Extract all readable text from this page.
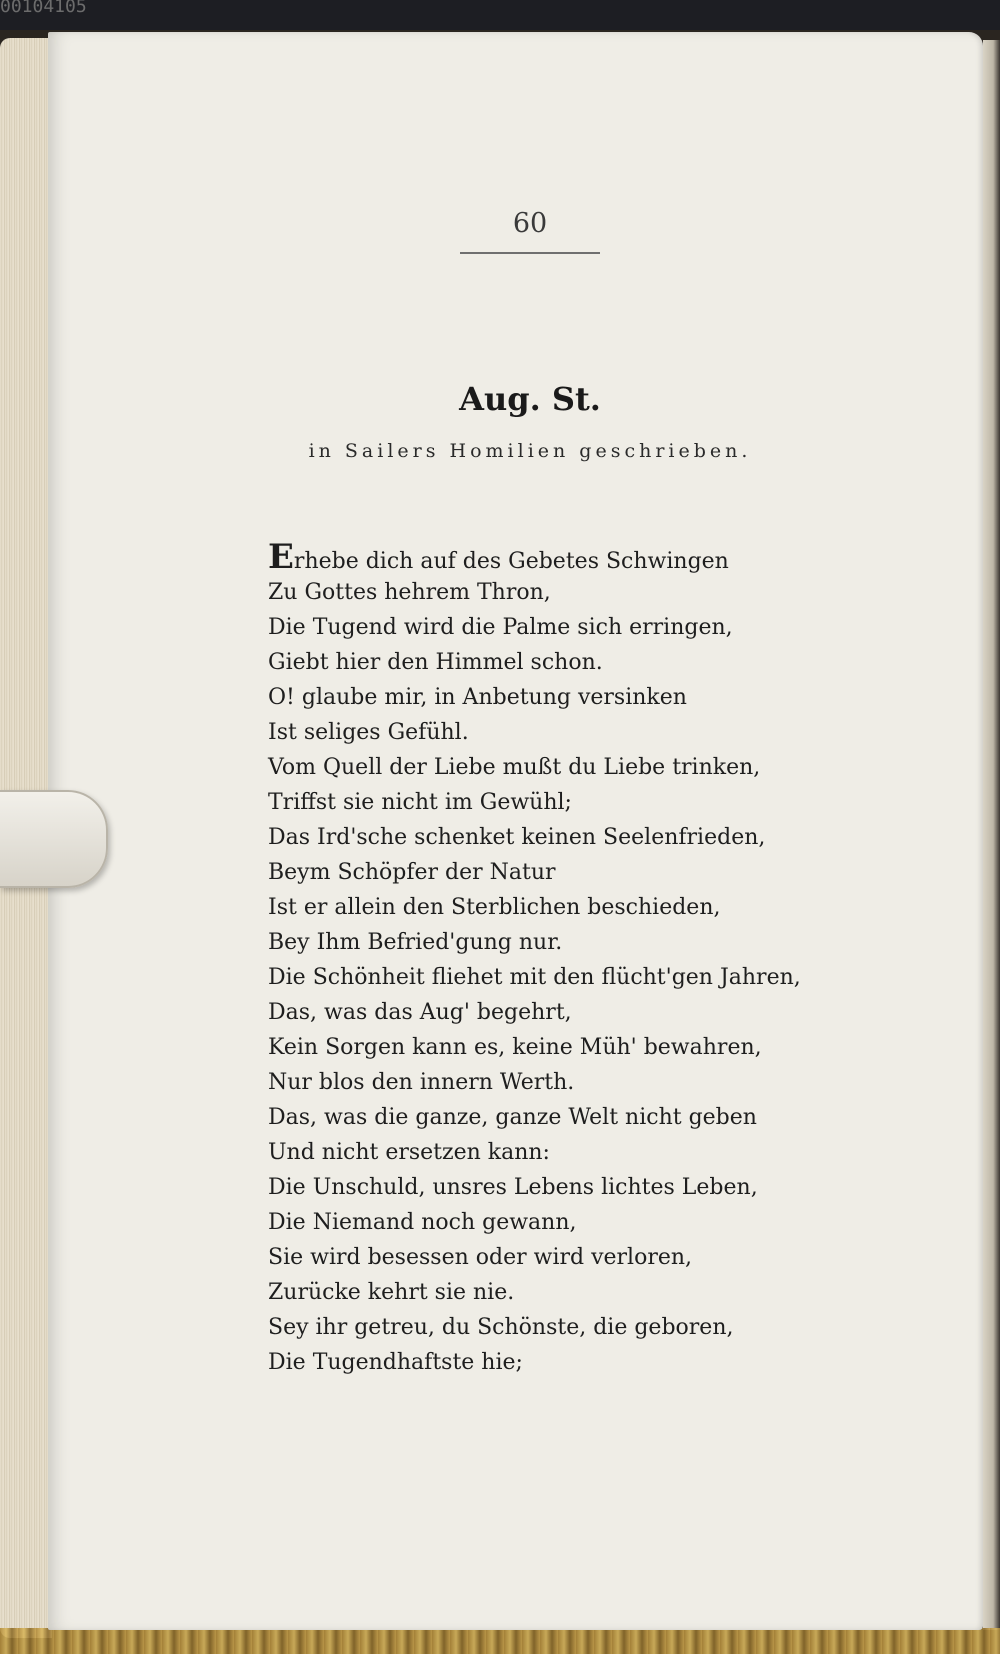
00104105
60
Aug. St.
in Sailers Homilien geschrieben.
Erhebe dich auf des Gebetes Schwingen
Zu Gottes hehrem Thron,
Die Tugend wird die Palme sich erringen,
Giebt hier den Himmel schon.
O! glaube mir, in Anbetung versinken
Ist seliges Gefühl.
Vom Quell der Liebe mußt du Liebe trinken,
Triffst sie nicht im Gewühl;
Das Ird'sche schenket keinen Seelenfrieden,
Beym Schöpfer der Natur
Ist er allein den Sterblichen beschieden,
Bey Ihm Befried'gung nur.
Die Schönheit fliehet mit den flücht'gen Jahren,
Das, was das Aug' begehrt,
Kein Sorgen kann es, keine Müh' bewahren,
Nur blos den innern Werth.
Das, was die ganze, ganze Welt nicht geben
Und nicht ersetzen kann:
Die Unschuld, unsres Lebens lichtes Leben,
Die Niemand noch gewann,
Sie wird besessen oder wird verloren,
Zurücke kehrt sie nie.
Sey ihr getreu, du Schönste, die geboren,
Die Tugendhaftste hie;
